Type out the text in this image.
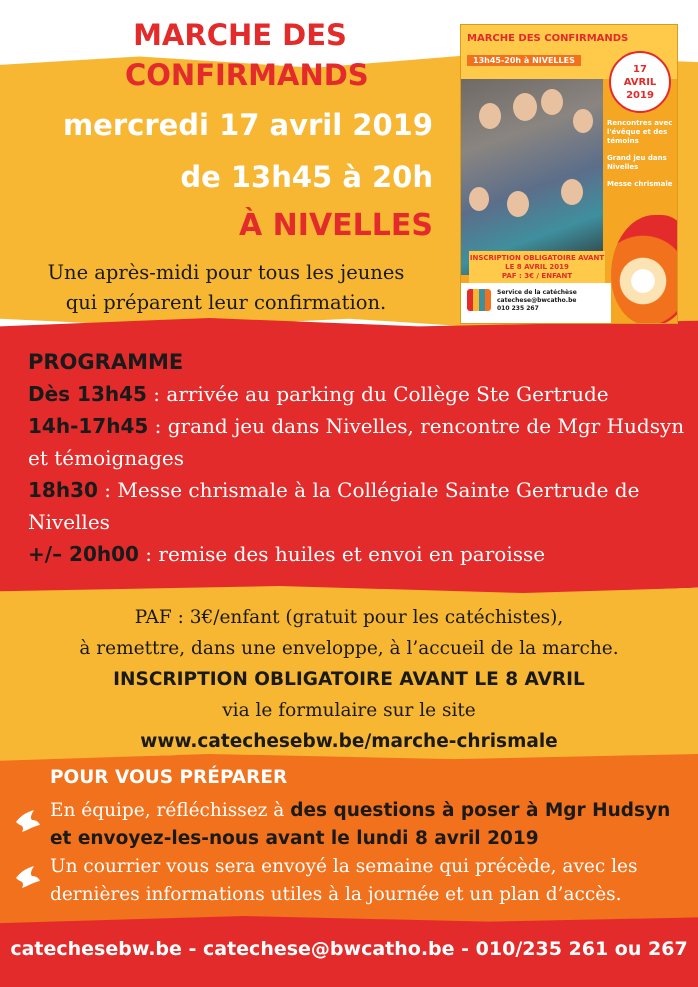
MARCHE DES
CONFIRMANDS
mercredi 17 avril 2019
de 13h45 à 20h
À NIVELLES
Une après-midi pour tous les jeunes
qui préparent leur confirmation.
MARCHE DES CONFIRMANDS
13h45-20h à NIVELLES
17
AVRIL
2019
Rencontres avec l'évêque et des témoins
Grand jeu dans Nivelles
Messe chrismale
INSCRIPTION OBLIGATOIRE AVANT LE 8 AVRIL 2019
PAF : 3€ / ENFANT
Service de la catéchèse
catechese@bwcatho.be
010 235 267
PROGRAMME
Dès 13h45 : arrivée au parking du Collège Ste Gertrude
14h-17h45 : grand jeu dans Nivelles, rencontre de Mgr Hudsyn et témoignages
18h30 : Messe chrismale à la Collégiale Sainte Gertrude de Nivelles
+/– 20h00 : remise des huiles et envoi en paroisse
PAF : 3€/enfant (gratuit pour les catéchistes),
à remettre, dans une enveloppe, à l’accueil de la marche.
INSCRIPTION OBLIGATOIRE AVANT LE 8 AVRIL
via le formulaire sur le site
www.catechesebw.be/marche-chrismale
POUR VOUS PRÉPARER
En équipe, réfléchissez à des questions à poser à Mgr Hudsyn et envoyez-les-nous avant le lundi 8 avril 2019
Un courrier vous sera envoyé la semaine qui précède, avec les dernières informations utiles à la journée et un plan d’accès.
catechesebw.be - catechese@bwcatho.be - 010/235 261 ou 267
